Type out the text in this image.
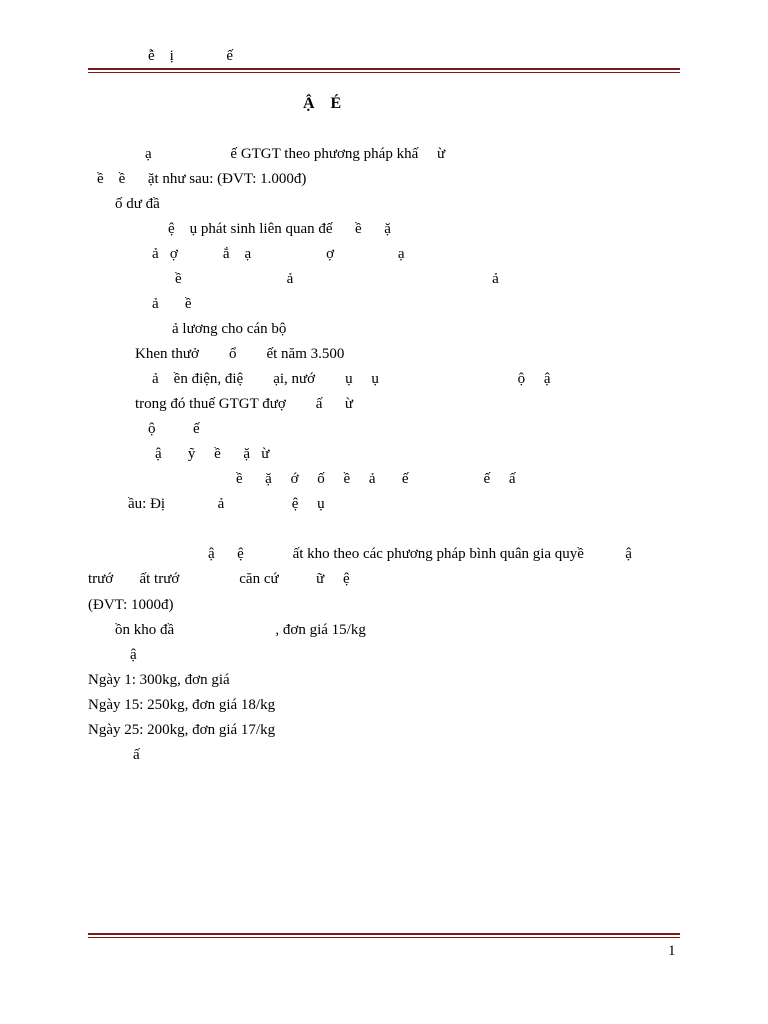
ễ    ị              ế
Ậ    É
ạ                     ế GTGT theo phương pháp khấ     ừ
ề    ề      ặt như sau: (ĐVT: 1.000đ)
ố dư đầ
ệ    ụ phát sinh liên quan đế      ề      ặ
ả   ợ            ắ    ạ                    ợ                 ạ
ề                            ả                                                     ả
ả       ề
ả lương cho cán bộ
Khen thưở        ổ        ết năm 3.500
ả    ền điện, điệ        ại, nướ        ụ     ụ                                     ộ     ậ
trong đó thuế GTGT đượ        ấ      ừ
ộ          ế
ậ       ỹ     ề      ặ   ừ
ề      ặ     ớ     ố     ề     ả       ế                    ế     ấ
ầu: Đị              ả                  ệ     ụ
ậ      ệ             ất kho theo các phương pháp bình quân gia quyề           ậ
trướ       ất trướ                căn cứ          ữ     ệ
(ĐVT: 1000đ)
ồn kho đầ                           , đơn giá 15/kg
ậ
Ngày 1: 300kg, đơn giá
Ngày 15: 250kg, đơn giá 18/kg
Ngày 25: 200kg, đơn giá 17/kg
ấ
1
